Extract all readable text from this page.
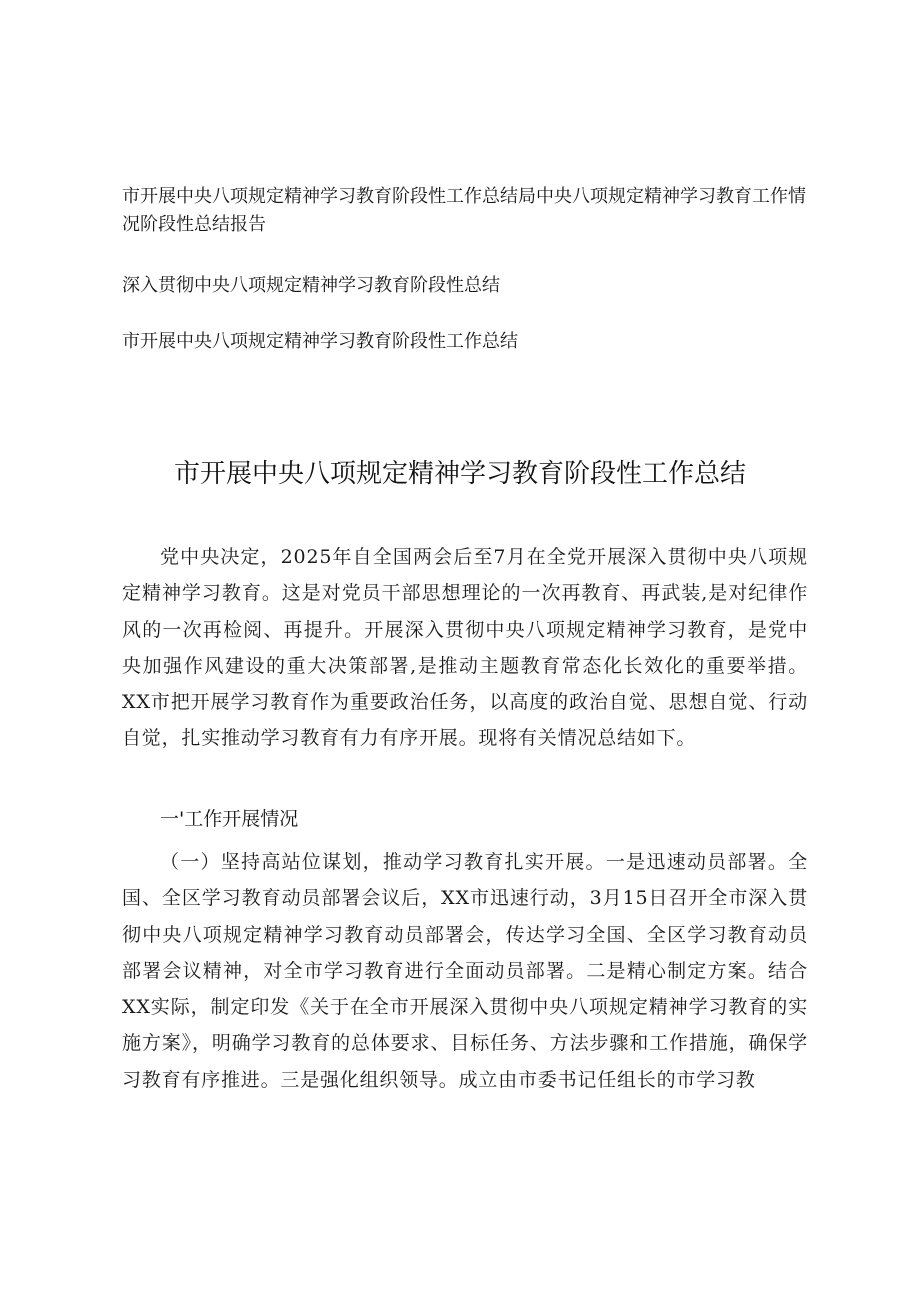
市开展中央八项规定精神学习教育阶段性工作总结局中央八项规定精神学习教育工作情况阶段性总结报告
深入贯彻中央八项规定精神学习教育阶段性总结
市开展中央八项规定精神学习教育阶段性工作总结
市开展中央八项规定精神学习教育阶段性工作总结
党中央决定，2025年自全国两会后至7月在全党开展深入贯彻中央八项规定精神学习教育。这是对党员干部思想理论的一次再教育、再武装,是对纪律作风的一次再检阅、再提升。开展深入贯彻中央八项规定精神学习教育，是党中央加强作风建设的重大决策部署,是推动主题教育常态化长效化的重要举措。XX市把开展学习教育作为重要政治任务，以高度的政治自觉、思想自觉、行动自觉，扎实推动学习教育有力有序开展。现将有关情况总结如下。
一'工作开展情况
（一）坚持高站位谋划，推动学习教育扎实开展。一是迅速动员部署。全国、全区学习教育动员部署会议后，XX市迅速行动，3月15日召开全市深入贯彻中央八项规定精神学习教育动员部署会，传达学习全国、全区学习教育动员部署会议精神，对全市学习教育进行全面动员部署。二是精心制定方案。结合XX实际，制定印发《关于在全市开展深入贯彻中央八项规定精神学习教育的实施方案》，明确学习教育的总体要求、目标任务、方法步骤和工作措施，确保学习教育有序推进。三是强化组织领导。成立由市委书记任组长的市学习教
